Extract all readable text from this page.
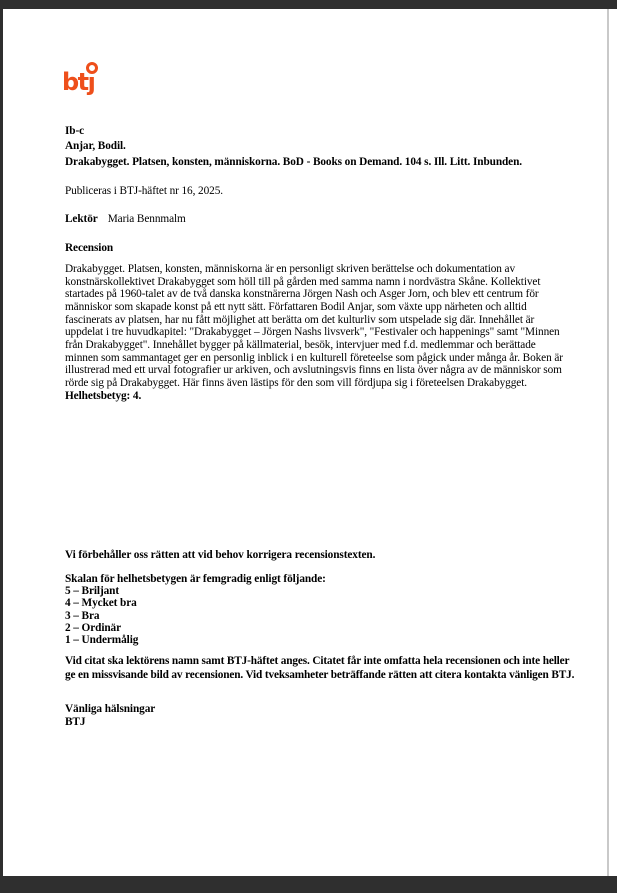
btȷ
Ib-c
Anjar, Bodil.
Drakabygget. Platsen, konsten, människorna. BoD - Books on Demand. 104 s. Ill. Litt. Inbunden.
Publiceras i BTJ-häftet nr 16, 2025.
Lektör Maria Bennmalm
Recension
Drakabygget. Platsen, konsten, människorna är en personligt skriven berättelse och dokumentation av konstnärskollektivet Drakabygget som höll till på gården med samma namn i nordvästra Skåne. Kollektivet startades på 1960-talet av de två danska konstnärerna Jörgen Nash och Asger Jorn, och blev ett centrum för människor som skapade konst på ett nytt sätt. Författaren Bodil Anjar, som växte upp närheten och alltid fascinerats av platsen, har nu fått möjlighet att berätta om det kulturliv som utspelade sig där. Innehållet är uppdelat i tre huvudkapitel: "Drakabygget – Jörgen Nashs livsverk", "Festivaler och happenings" samt "Minnen från Drakabygget". Innehållet bygger på källmaterial, besök, intervjuer med f.d. medlemmar och berättade minnen som sammantaget ger en personlig inblick i en kulturell företeelse som pågick under många år. Boken är illustrerad med ett urval fotografier ur arkiven, och avslutningsvis finns en lista över några av de människor som rörde sig på Drakabygget. Här finns även lästips för den som vill fördjupa sig i företeelsen Drakabygget.
Helhetsbetyg: 4.
Vi förbehåller oss rätten att vid behov korrigera recensionstexten.
Skalan för helhetsbetygen är femgradig enligt följande:
5 – Briljant
4 – Mycket bra
3 – Bra
2 – Ordinär
1 – Undermålig
Vid citat ska lektörens namn samt BTJ-häftet anges. Citatet får inte omfatta hela recensionen och inte heller ge en missvisande bild av recensionen. Vid tveksamheter beträffande rätten att citera kontakta vänligen BTJ.
Vänliga hälsningar
BTJ
